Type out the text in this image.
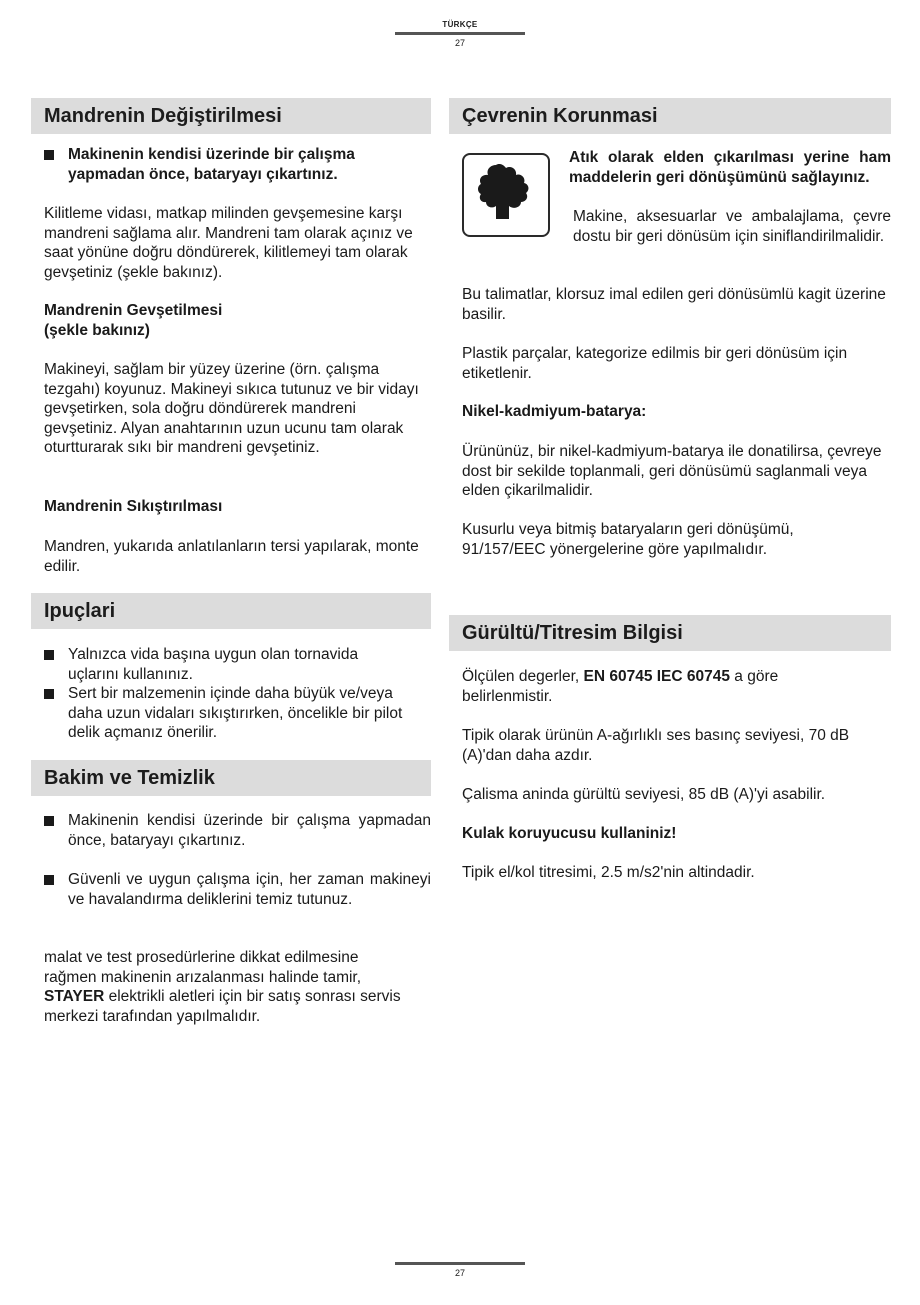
TÜRKÇE
27
Mandrenin Değiştirilmesi
Makinenin kendisi üzerinde bir çalışma yapmadan önce, bataryayı çıkartınız.
Kilitleme vidası, matkap milinden gevşemesine karşı mandreni sağlama alır. Mandreni tam olarak açınız ve saat yönüne doğru döndürerek, kilitlemeyi tam olarak gevşetiniz (şekle bakınız).
Mandrenin Gevşetilmesi
(şekle bakınız)
Makineyi, sağlam bir yüzey üzerine (örn. çalışma tezgahı) koyunuz. Makineyi sıkıca tutunuz ve bir vidayı gevşetirken, sola doğru döndürerek mandreni gevşetiniz. Alyan anahtarının uzun ucunu tam olarak oturtturarak sıkı bir mandreni gevşetiniz.
Mandrenin Sıkıştırılması
Mandren, yukarıda anlatılanların tersi yapılarak, monte edilir.
Ipuçlari
Yalnızca vida başına uygun olan tornavida uçlarını kullanınız.
Sert bir malzemenin içinde daha büyük ve/veya daha uzun vidaları sıkıştırırken, öncelikle bir pilot delik açmanız önerilir.
Bakim ve Temizlik
Makinenin kendisi üzerinde bir çalışma yapmadan önce, bataryayı çıkartınız.
Güvenli ve uygun çalışma için, her zaman makineyi ve havalandırma deliklerini temiz tutunuz.
malat ve test prosedürlerine dikkat edilmesine rağmen makinenin arızalanması halinde tamir, STAYER elektrikli aletleri için bir satış sonrası servis merkezi tarafından yapılmalıdır.
Çevrenin Korunmasi
Atık olarak elden çıkarılması yerine ham maddelerin geri dönüşümünü sağlayınız.
Makine, aksesuarlar ve ambalajlama, çevre dostu bir geri dönüsüm için siniflandirilmalidir.
Bu talimatlar, klorsuz imal edilen geri dönüsümlü kagit üzerine basilir.
Plastik parçalar, kategorize edilmis bir geri dönüsüm için etiketlenir.
Nikel-kadmiyum-batarya:
Ürününüz, bir nikel-kadmiyum-batarya ile donatilirsa, çevreye dost bir sekilde toplanmali, geri dönüsümü saglanmali veya elden çikarilmalidir.
Kusurlu veya bitmiş bataryaların geri dönüşümü, 91/157/EEC yönergelerine göre yapılmalıdır.
Gürültü/Titresim Bilgisi
Ölçülen degerler, EN 60745 IEC 60745 a göre belirlenmistir.
Tipik olarak ürünün A-ağırlıklı ses basınç seviyesi, 70 dB (A)'dan daha azdır.
Çalisma aninda gürültü seviyesi, 85 dB (A)'yi asabilir.
Kulak koruyucusu kullaniniz!
Tipik el/kol titresimi, 2.5 m/s2'nin altindadir.
27
